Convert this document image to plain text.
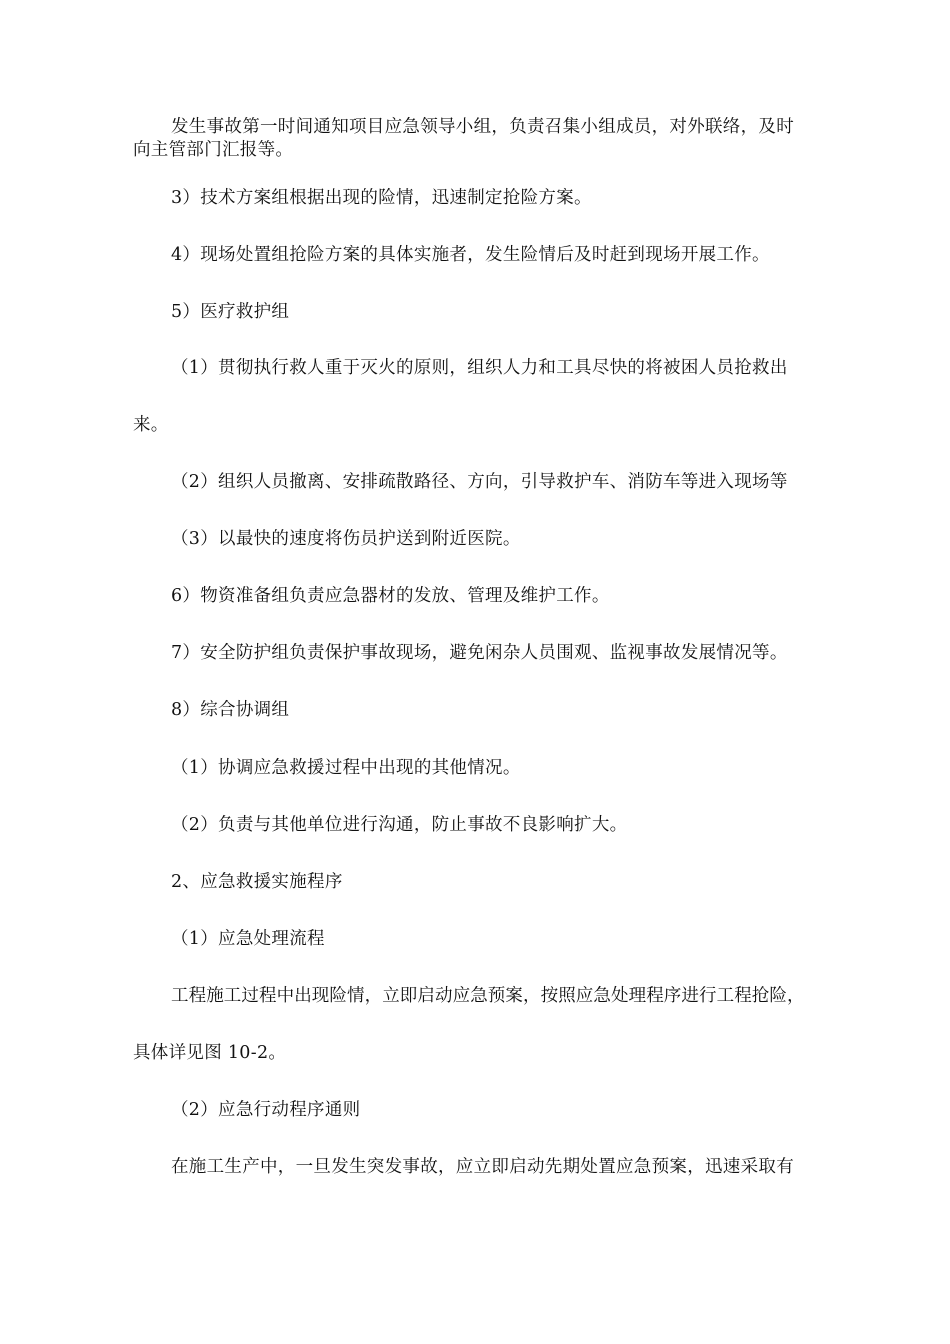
发生事故第一时间通知项目应急领导小组，负责召集小组成员，对外联络，及时

向主管部门汇报等。

3）技术方案组根据出现的险情，迅速制定抢险方案。

4）现场处置组抢险方案的具体实施者，发生险情后及时赶到现场开展工作。

5）医疗救护组

（1）贯彻执行救人重于灭火的原则，组织人力和工具尽快的将被困人员抢救出

来。

（2）组织人员撤离、安排疏散路径、方向，引导救护车、消防车等进入现场等

（3）以最快的速度将伤员护送到附近医院。

6）物资准备组负责应急器材的发放、管理及维护工作。

7）安全防护组负责保护事故现场，避免闲杂人员围观、监视事故发展情况等。

8）综合协调组

（1）协调应急救援过程中出现的其他情况。

（2）负责与其他单位进行沟通，防止事故不良影响扩大。

2、应急救援实施程序

（1）应急处理流程

工程施工过程中出现险情，立即启动应急预案，按照应急处理程序进行工程抢险，

具体详见图 10-2。

（2）应急行动程序通则

在施工生产中，一旦发生突发事故，应立即启动先期处置应急预案，迅速采取有
